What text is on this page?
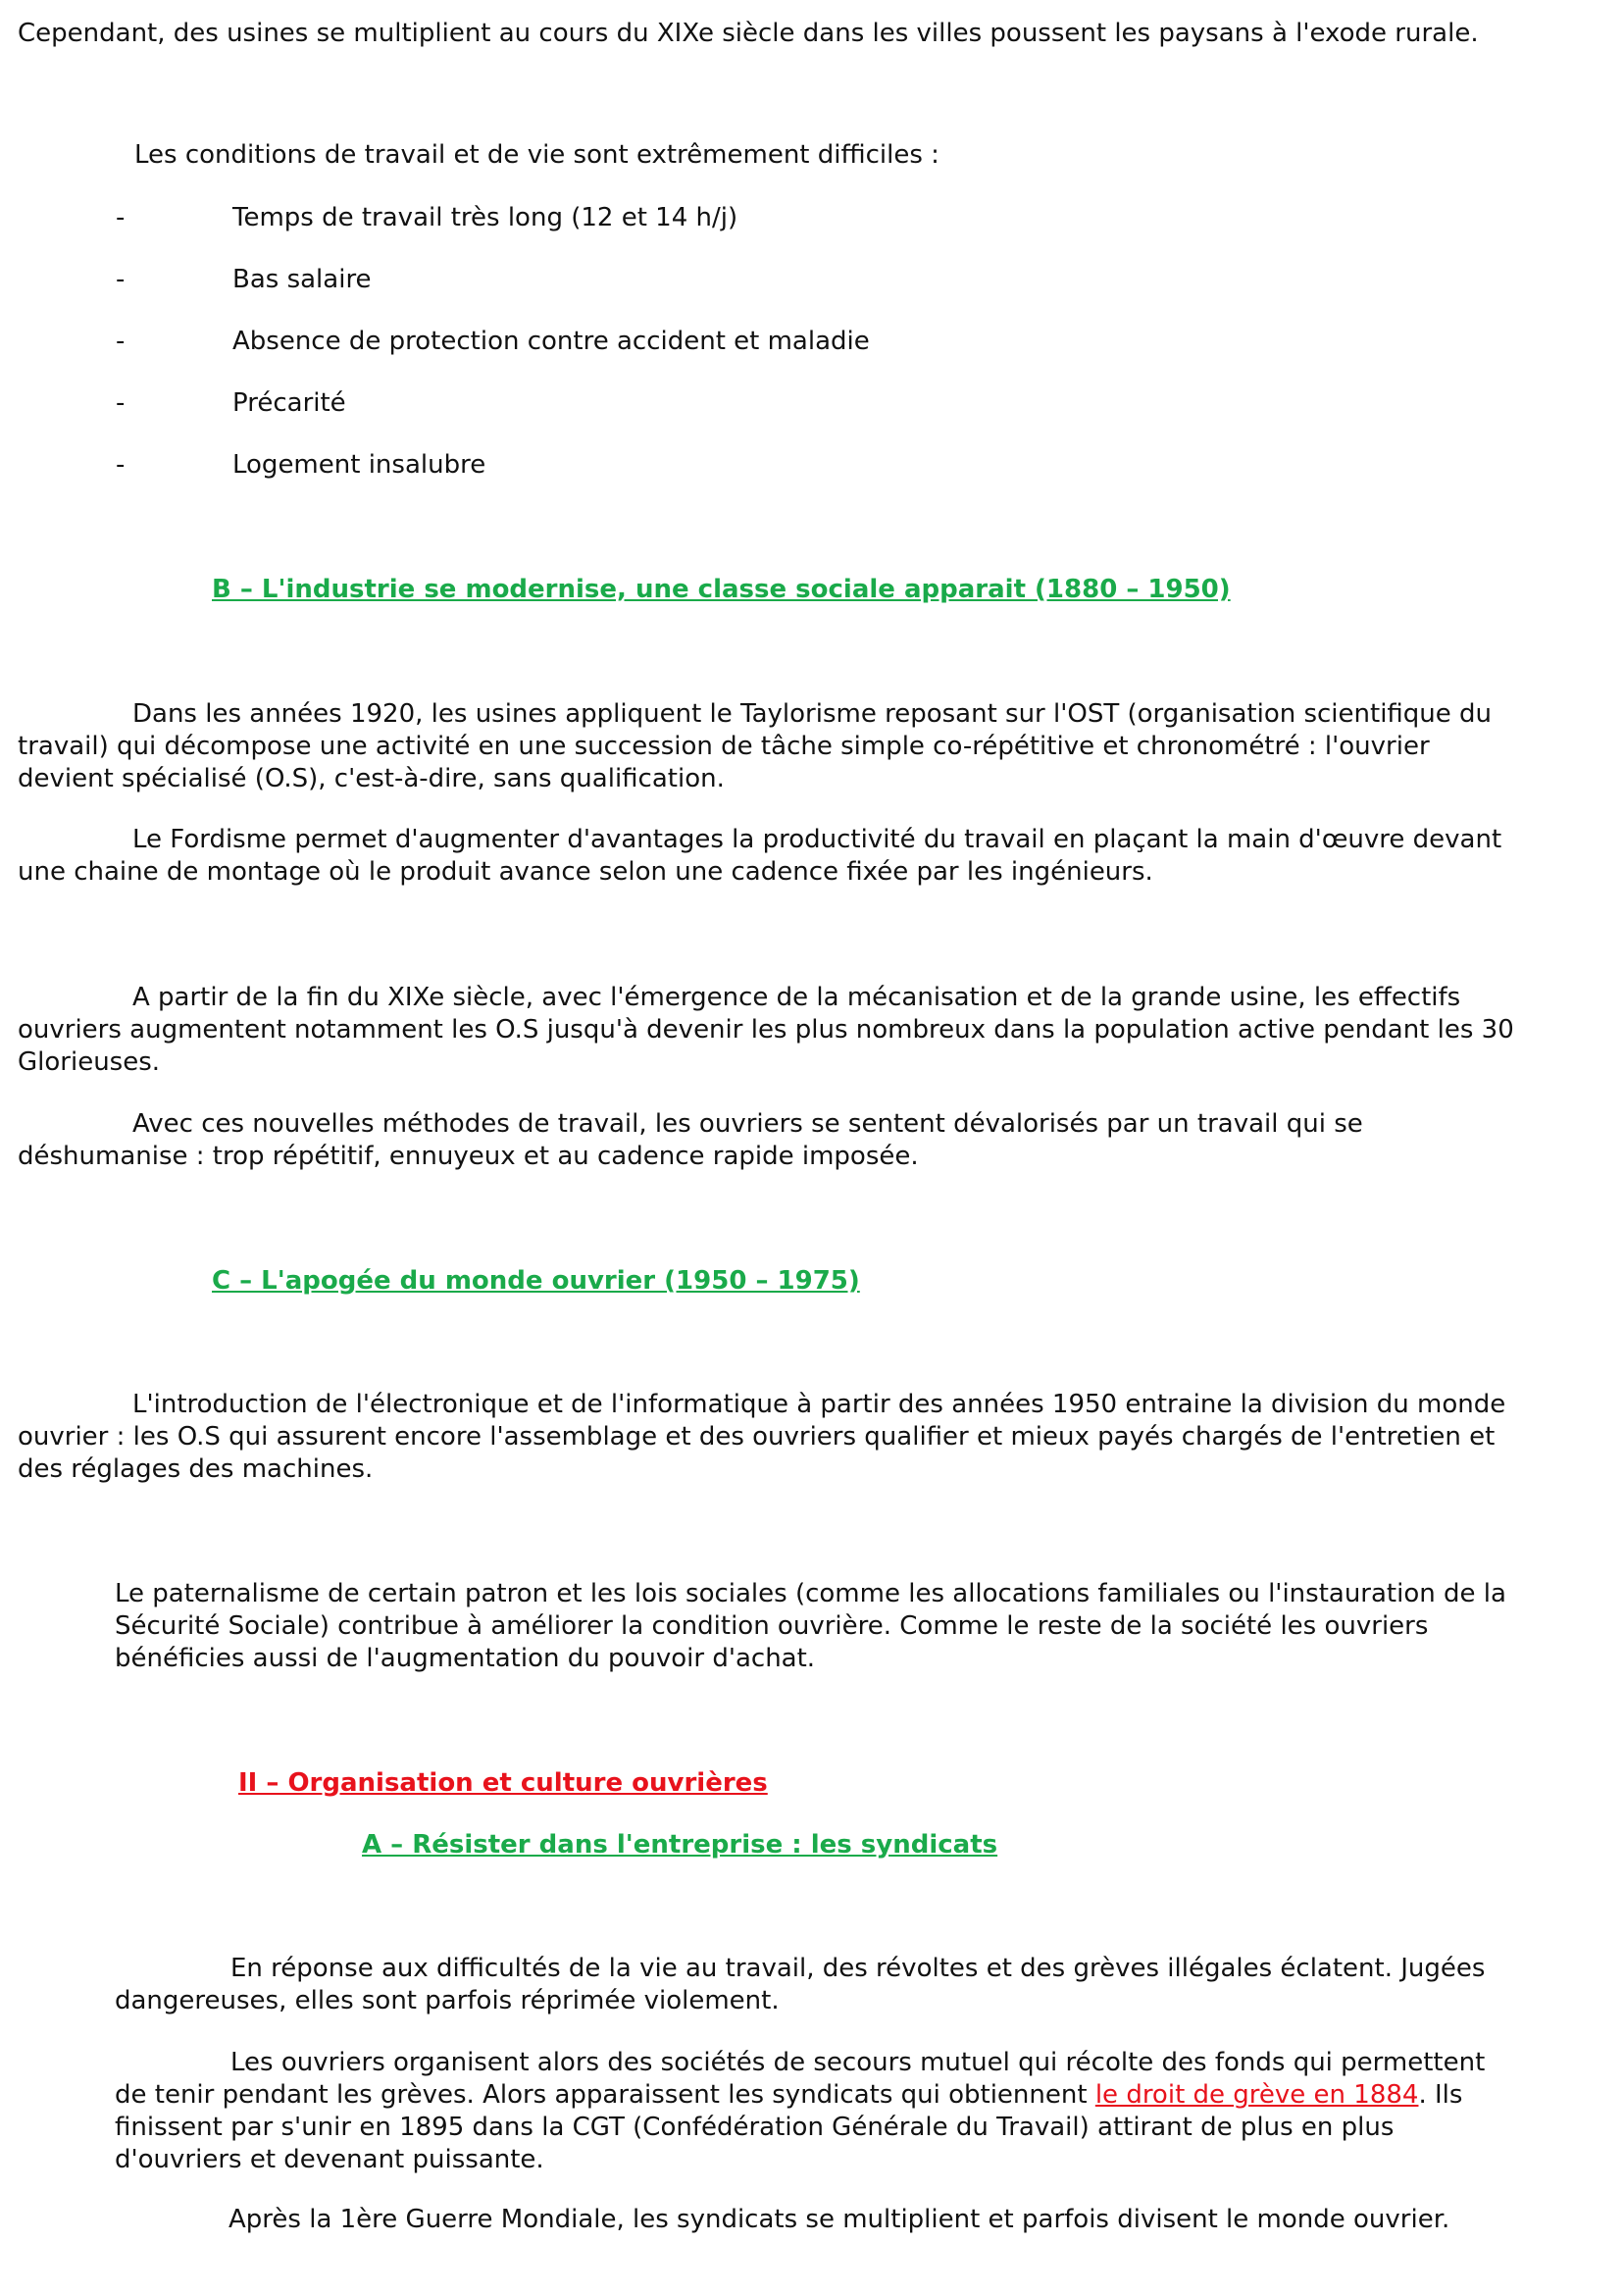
Cependant, des usines se multiplient au cours du XIXe siècle dans les villes poussent les paysans à l'exode rurale.
Les conditions de travail et de vie sont extrêmement difficiles :
-	Temps de travail très long (12 et 14 h/j)
-	Bas salaire
-	Absence de protection contre accident et maladie
-	Précarité
-	Logement insalubre
B – L'industrie se modernise, une classe sociale apparait (1880 – 1950)
Dans les années 1920, les usines appliquent le Taylorisme reposant sur l'OST (organisation scientifique du
travail) qui décompose une activité en une succession de tâche simple co-répétitive et chronométré : l'ouvrier
devient spécialisé (O.S), c'est-à-dire, sans qualification.
Le Fordisme permet d'augmenter d'avantages la productivité du travail en plaçant la main d'œuvre devant
une chaine de montage où le produit avance selon une cadence fixée par les ingénieurs.
A partir de la fin du XIXe siècle, avec l'émergence de la mécanisation et de la grande usine, les effectifs
ouvriers augmentent notamment les O.S jusqu'à devenir les plus nombreux dans la population active pendant les 30
Glorieuses.
Avec ces nouvelles méthodes de travail, les ouvriers se sentent dévalorisés par un travail qui se
déshumanise : trop répétitif, ennuyeux et au cadence rapide imposée.
C – L'apogée du monde ouvrier (1950 – 1975)
L'introduction de l'électronique et de l'informatique à partir des années 1950 entraine la division du monde
ouvrier : les O.S qui assurent encore l'assemblage et des ouvriers qualifier et mieux payés chargés de l'entretien et
des réglages des machines.
Le paternalisme de certain patron et les lois sociales (comme les allocations familiales ou l'instauration de la
Sécurité Sociale) contribue à améliorer la condition ouvrière. Comme le reste de la société les ouvriers
bénéficies aussi de l'augmentation du pouvoir d'achat.
II – Organisation et culture ouvrières
A – Résister dans l'entreprise : les syndicats
En réponse aux difficultés de la vie au travail, des révoltes et des grèves illégales éclatent. Jugées
dangereuses, elles sont parfois réprimée violement.
Les ouvriers organisent alors des sociétés de secours mutuel qui récolte des fonds qui permettent
de tenir pendant les grèves. Alors apparaissent les syndicats qui obtiennent le droit de grève en 1884. Ils
finissent par s'unir en 1895 dans la CGT (Confédération Générale du Travail) attirant de plus en plus
d'ouvriers et devenant puissante.
Après la 1ère Guerre Mondiale, les syndicats se multiplient et parfois divisent le monde ouvrier.
